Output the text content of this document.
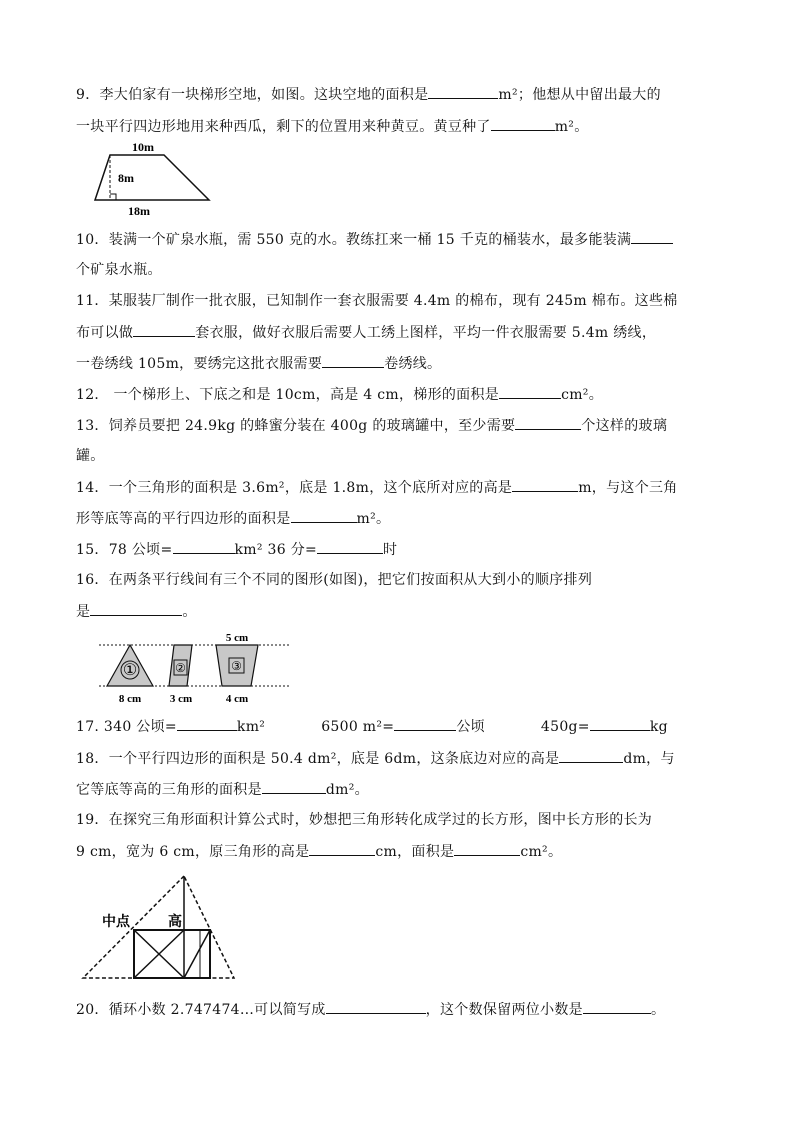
9．李大伯家有一块梯形空地，如图。这块空地的面积是	m²；他想从中留出最大的
一块平行四边形地用来种西瓜，剩下的位置用来种黄豆。黄豆种了	m²。
10m
8m
18m
10．装满一个矿泉水瓶，需 550 克的水。教练扛来一桶 15 千克的桶装水，最多能装满
个矿泉水瓶。
11．某服装厂制作一批衣服，已知制作一套衣服需要 4.4m 的棉布，现有 245m 棉布。这些棉
布可以做	套衣服，做好衣服后需要人工绣上图样，平均一件衣服需要 5.4m 绣线，
一卷绣线 105m，要绣完这批衣服需要	卷绣线。
12． 一个梯形上、下底之和是 10cm，高是 4 cm，梯形的面积是	cm²。
13．饲养员要把 24.9kg 的蜂蜜分装在 400g 的玻璃罐中，至少需要	个这样的玻璃
罐。
14．一个三角形的面积是 3.6m²，底是 1.8m，这个底所对应的高是	m，与这个三角
形等底等高的平行四边形的面积是	m²。
15．78 公顷=	km² 36 分=	时
16．在两条平行线间有三个不同的图形(如图)，把它们按面积从大到小的顺序排列
是	。
①	②	③
5 cm
8 cm	3 cm	4 cm
17. 340 公顷=	km²	6500 m²=	公顷	450g=	kg
18．一个平行四边形的面积是 50.4 dm²，底是 6dm，这条底边对应的高是	dm，与
它等底等高的三角形的面积是	dm²。
19．在探究三角形面积计算公式时，妙想把三角形转化成学过的长方形，图中长方形的长为
9 cm，宽为 6 cm，原三角形的高是	cm，面积是	cm²。
中点	高
20．循环小数 2.747474…可以简写成	，这个数保留两位小数是	。
